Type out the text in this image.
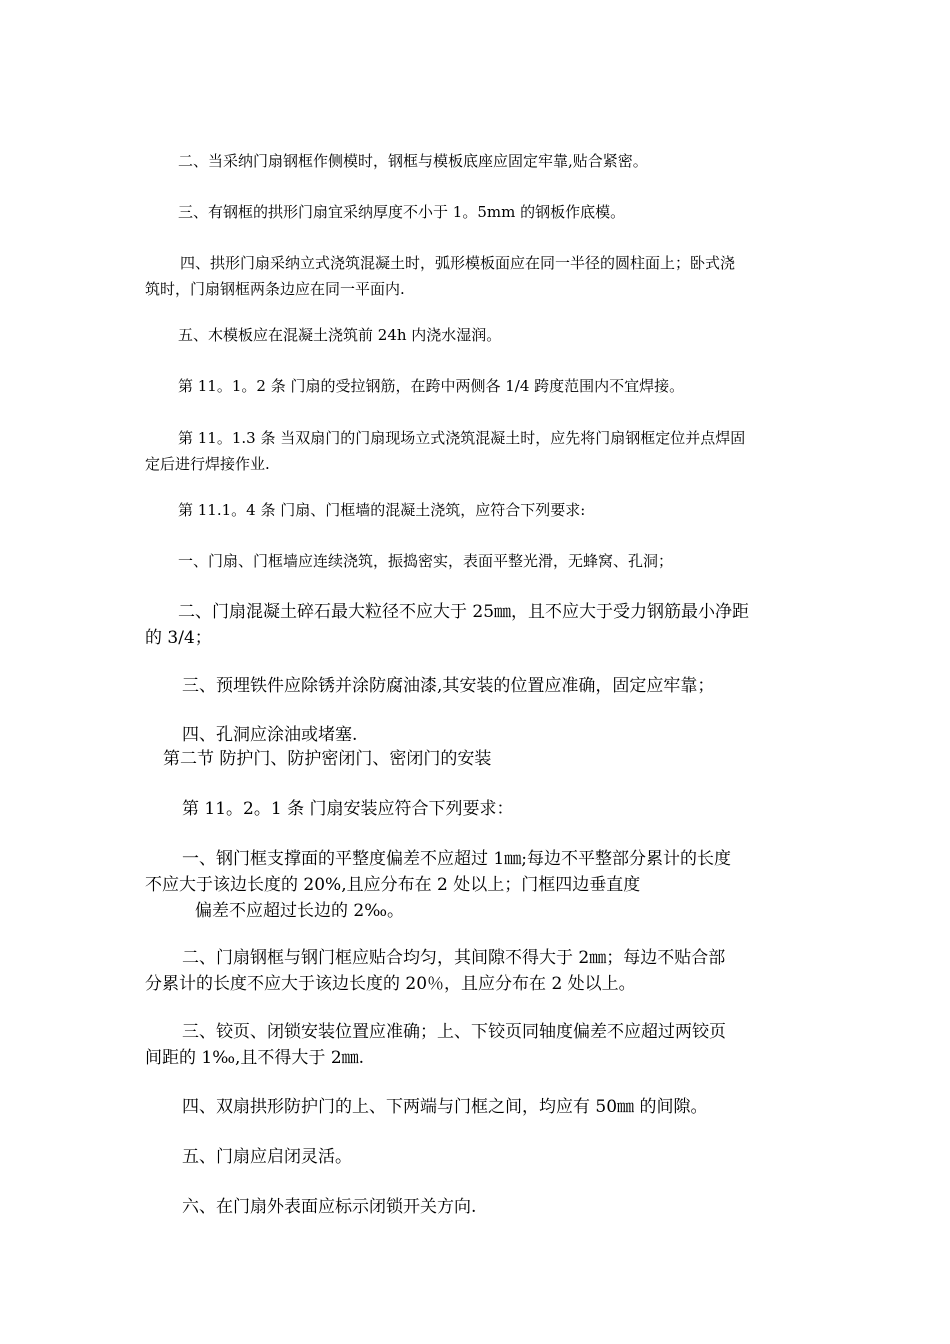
二、当采纳门扇钢框作侧模时，钢框与模板底座应固定牢靠,贴合紧密。

三、有钢框的拱形门扇宜采纳厚度不小于 1。5mm 的钢板作底模。

四、拱形门扇采纳立式浇筑混凝土时，弧形模板面应在同一半径的圆柱面上；卧式浇
筑时，门扇钢框两条边应在同一平面内.

五、木模板应在混凝土浇筑前 24h 内浇水湿润。

第 11。1。2 条 门扇的受拉钢筋，在跨中两侧各 1/4 跨度范围内不宜焊接。

第 11。1.3 条 当双扇门的门扇现场立式浇筑混凝土时，应先将门扇钢框定位并点焊固
定后进行焊接作业.

第 11.1。4 条 门扇、门框墙的混凝土浇筑，应符合下列要求:

一、门扇、门框墙应连续浇筑，振捣密实，表面平整光滑，无蜂窝、孔洞；

二、门扇混凝土碎石最大粒径不应大于 25㎜，且不应大于受力钢筋最小净距
的 3/4；

三、预埋铁件应除锈并涂防腐油漆,其安装的位置应准确，固定应牢靠；

四、孔洞应涂油或堵塞.

第二节 防护门、防护密闭门、密闭门的安装

第 11。2。1 条 门扇安装应符合下列要求：

一、钢门框支撑面的平整度偏差不应超过 1㎜;每边不平整部分累计的长度
不应大于该边长度的 20%,且应分布在 2 处以上；门框四边垂直度
偏差不应超过长边的 2‰。

二、门扇钢框与钢门框应贴合均匀，其间隙不得大于 2㎜；每边不贴合部
分累计的长度不应大于该边长度的 20％，且应分布在 2 处以上。

三、铰页、闭锁安装位置应准确；上、下铰页同轴度偏差不应超过两铰页
间距的 1‰,且不得大于 2㎜.

四、双扇拱形防护门的上、下两端与门框之间，均应有 50㎜ 的间隙。

五、门扇应启闭灵活。

六、在门扇外表面应标示闭锁开关方向.
